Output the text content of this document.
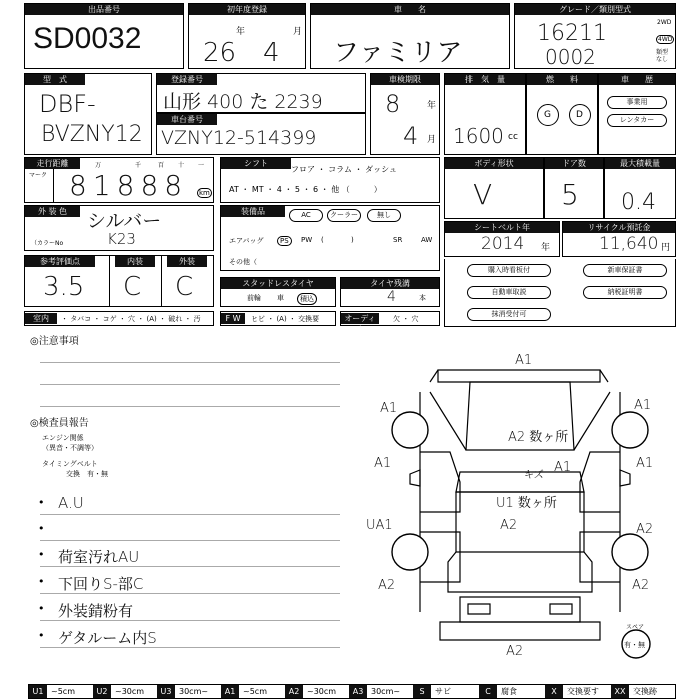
出品番号
SD0032
初年度登録
年	月
26 4
車　　名
ファミリア
グレード／類別型式
16211
0002
2WD
4WD
類型なし
型　式
DBF-
BVZNY12
登録番号
山形 400 た 2239
車台番号
VZNY12-514399
車検期限
8	年
4 月
排　気　量
1600 cc
燃　　料
G	D
車　　歴
事業用
レンタカー
走行距離
マーク
万	千	百 十 一
81888 km
シフト
フロア ・ コラム ・ ダッシュ
AT ・ MT ・ 4 ・ 5 ・ 6 ・ 他 （　　　）
ボディ形状
V
ドア数
5
最大積載量
0.4
外 装 色	シルバー
（カラーNo	K23
装備品	AC	クーラー	無し
エアバッグ	PS	PW (	)	SR	AW
その他（
シートベルト年
2014 年
リサイクル預託金
11,640 円
参考評価点	内装	外装
3.5 C C	スタッドレスタイヤ
前輪 車	積込
タイヤ残溝
4	本
購入時看板付	新車保証書
自動車取説	納税証明書
抹消受付可
室内	・ タバコ ・ コゲ ・ 穴 ・ (A) ・ 破れ ・ 汚	F W	ヒビ ・ (A) ・ 交換要	オーディオ
欠 ・ 穴
◎注意事項
◎検査員報告
エンジン関係
（異音・不調等）
タイミングベルト
交換　有・無
• A.U
•
• 荷室汚れAU
• 下回りS-部C
• 外装錆粉有
• ゲタルーム内S
A1
A1	A1
A1
A2 数ヶ所
A1
A1
キズ
U1 数ヶ所
A2
UA1	A2
A2	A2
A2
スペア
有・無
U1 ~5cm	U2 ~30cm	U3 30cm~	A1 ~5cm	A2 ~30cm	A3 30cm~	S	サビ	C	腐食	X	交換要す	XX 交換跡
